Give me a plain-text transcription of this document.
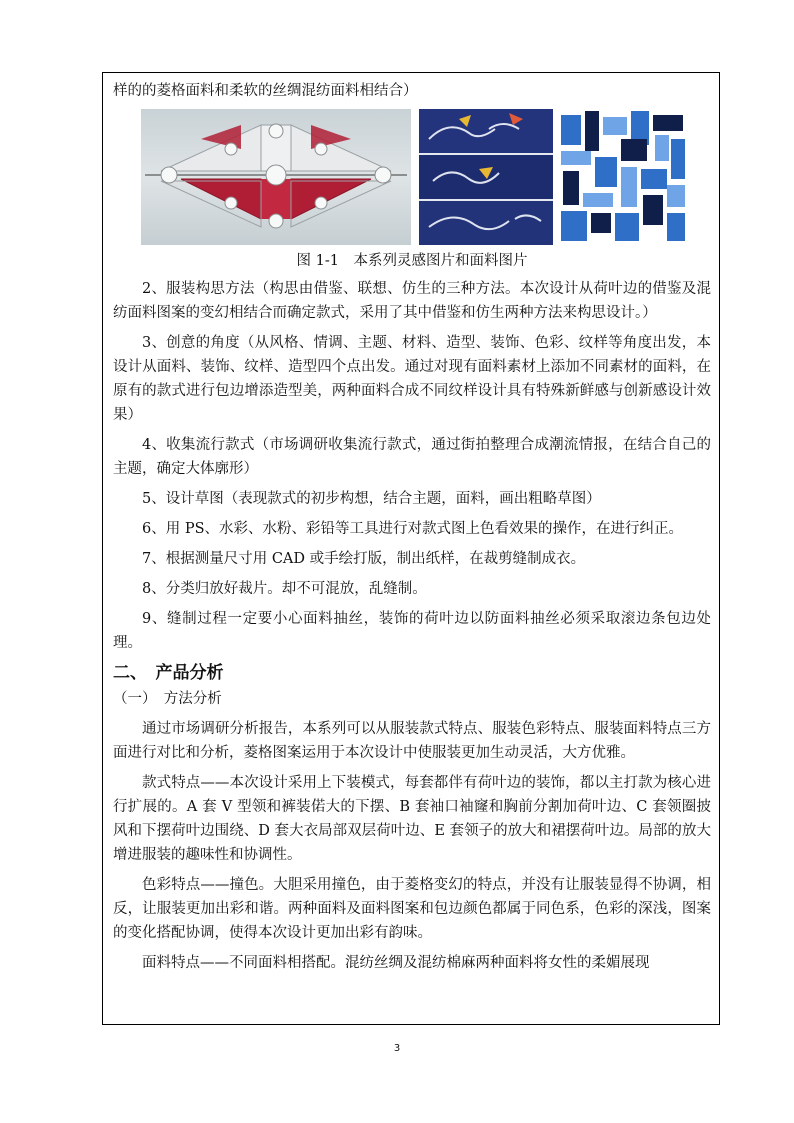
样的的菱格面料和柔软的丝绸混纺面料相结合）
图 1-1　本系列灵感图片和面料图片

2、服装构思方法（构思由借鉴、联想、仿生的三种方法。本次设计从荷叶边的借鉴及混纺面料图案的变幻相结合而确定款式，采用了其中借鉴和仿生两种方法来构思设计。）

3、创意的角度（从风格、情调、主题、材料、造型、装饰、色彩、纹样等角度出发，本设计从面料、装饰、纹样、造型四个点出发。通过对现有面料素材上添加不同素材的面料，在原有的款式进行包边增添造型美，两种面料合成不同纹样设计具有特殊新鲜感与创新感设计效果）

4、收集流行款式（市场调研收集流行款式，通过街拍整理合成潮流情报，在结合自己的主题，确定大体廓形）

5、设计草图（表现款式的初步构想，结合主题，面料，画出粗略草图）

6、用 PS、水彩、水粉、彩铅等工具进行对款式图上色看效果的操作，在进行纠正。

7、根据测量尺寸用 CAD 或手绘打版，制出纸样，在裁剪缝制成衣。

8、分类归放好裁片。却不可混放，乱缝制。

9、缝制过程一定要小心面料抽丝，装饰的荷叶边以防面料抽丝必须采取滚边条包边处理。

二、　产品分析
（一）　方法分析

通过市场调研分析报告，本系列可以从服装款式特点、服装色彩特点、服装面料特点三方面进行对比和分析，菱格图案运用于本次设计中使服装更加生动灵活，大方优雅。

款式特点——本次设计采用上下装模式，每套都伴有荷叶边的装饰，都以主打款为核心进行扩展的。A 套 V 型领和裤装偌大的下摆、B 套袖口袖窿和胸前分割加荷叶边、C 套领圈披风和下摆荷叶边围绕、D 套大衣局部双层荷叶边、E 套领子的放大和裙摆荷叶边。局部的放大增进服装的趣味性和协调性。

色彩特点——撞色。大胆采用撞色，由于菱格变幻的特点，并没有让服装显得不协调，相反，让服装更加出彩和谐。两种面料及面料图案和包边颜色都属于同色系，色彩的深浅，图案的变化搭配协调，使得本次设计更加出彩有韵味。

面料特点——不同面料相搭配。混纺丝绸及混纺棉麻两种面料将女性的柔媚展现

3
